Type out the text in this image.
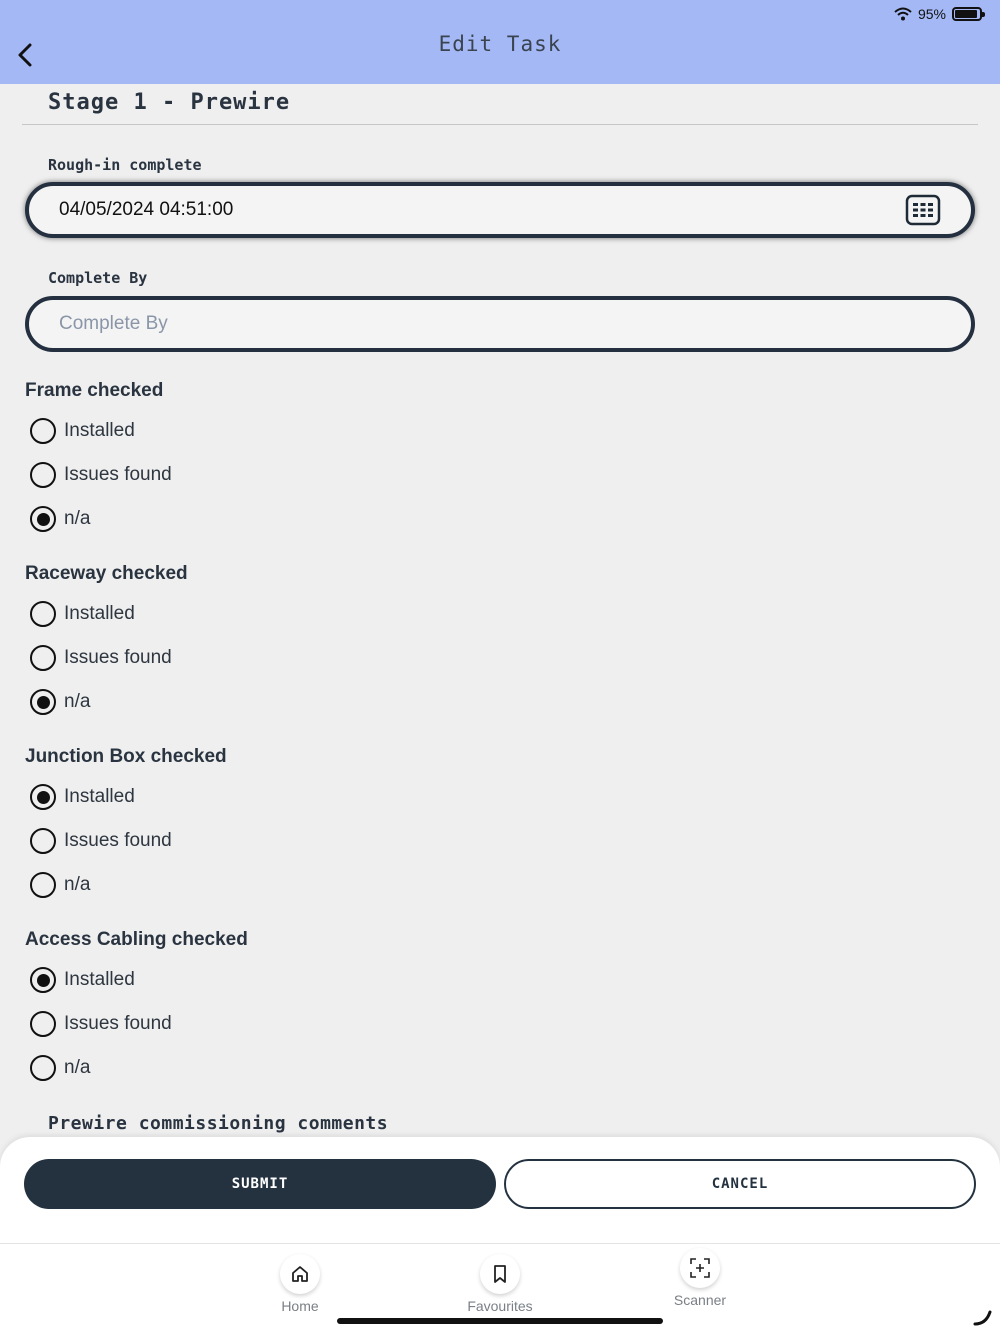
95%
Edit Task
Stage 1 - Prewire
Rough-in complete
04/05/2024 04:51:00
Complete By
Complete By
Frame checked
Installed
Issues found
n/a
Raceway checked
Installed
Issues found
n/a
Junction Box checked
Installed
Issues found
n/a
Access Cabling checked
Installed
Issues found
n/a
Prewire commissioning comments
SUBMIT	CANCEL
Home	Favourites	Scanner
